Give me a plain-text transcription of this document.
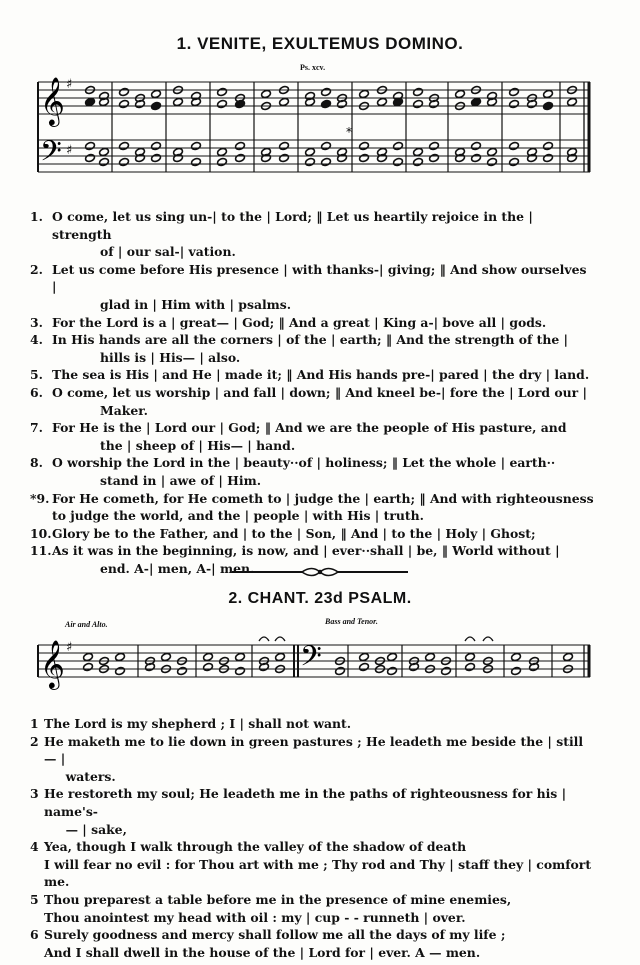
1. VENITE, EXULTEMUS DOMINO.
Ps. xcv.
𝄞
𝄢
♯
♯
*
1. O come, let us sing un-| to the | Lord; ‖ Let us heartily rejoice in the | strength
of | our sal-| vation.
2. Let us come before His presence | with thanks-| giving; ‖ And show ourselves |
glad in | Him with | psalms.
3. For the Lord is a | great— | God; ‖ And a great | King a-| bove all | gods.
4. In His hands are all the corners | of the | earth; ‖ And the strength of the |
hills is | His— | also.
5. The sea is His | and He | made it; ‖ And His hands pre-| pared | the dry | land.
6. O come, let us worship | and fall | down; ‖ And kneel be-| fore the | Lord our |
Maker.
7. For He is the | Lord our | God; ‖ And we are the people of His pasture, and
the | sheep of | His— | hand.
8. O worship the Lord in the | beauty··of | holiness; ‖ Let the whole | earth··
stand in | awe of | Him.
*9. For He cometh, for He cometh to | judge the | earth; ‖ And with righteousness
to judge the world, and the | people | with His | truth.
10. Glory be to the Father, and | to the | Son, ‖ And | to the | Holy | Ghost;
11. As it was in the beginning, is now, and | ever··shall | be, ‖ World without |
end. A-| men, A-| men.
2. CHANT. 23d PSALM.
Air and Alto.	Bass and Tenor.
𝄞 ♯	𝄢
1 The Lord is my shepherd ; I | shall not want.
2 He maketh me to lie down in green pastures ; He leadeth me beside the | still — |
waters.
3 He restoreth my soul; He leadeth me in the paths of righteousness for his | name's-
— | sake,
4 Yea, though I walk through the valley of the shadow of death
I will fear no evil : for Thou art with me ; Thy rod and Thy | staff they | comfort me.
5 Thou preparest a table before me in the presence of mine enemies,
Thou anointest my head with oil : my | cup - - runneth | over.
6 Surely goodness and mercy shall follow me all the days of my life ;
And I shall dwell in the house of the | Lord for | ever. A — men.
